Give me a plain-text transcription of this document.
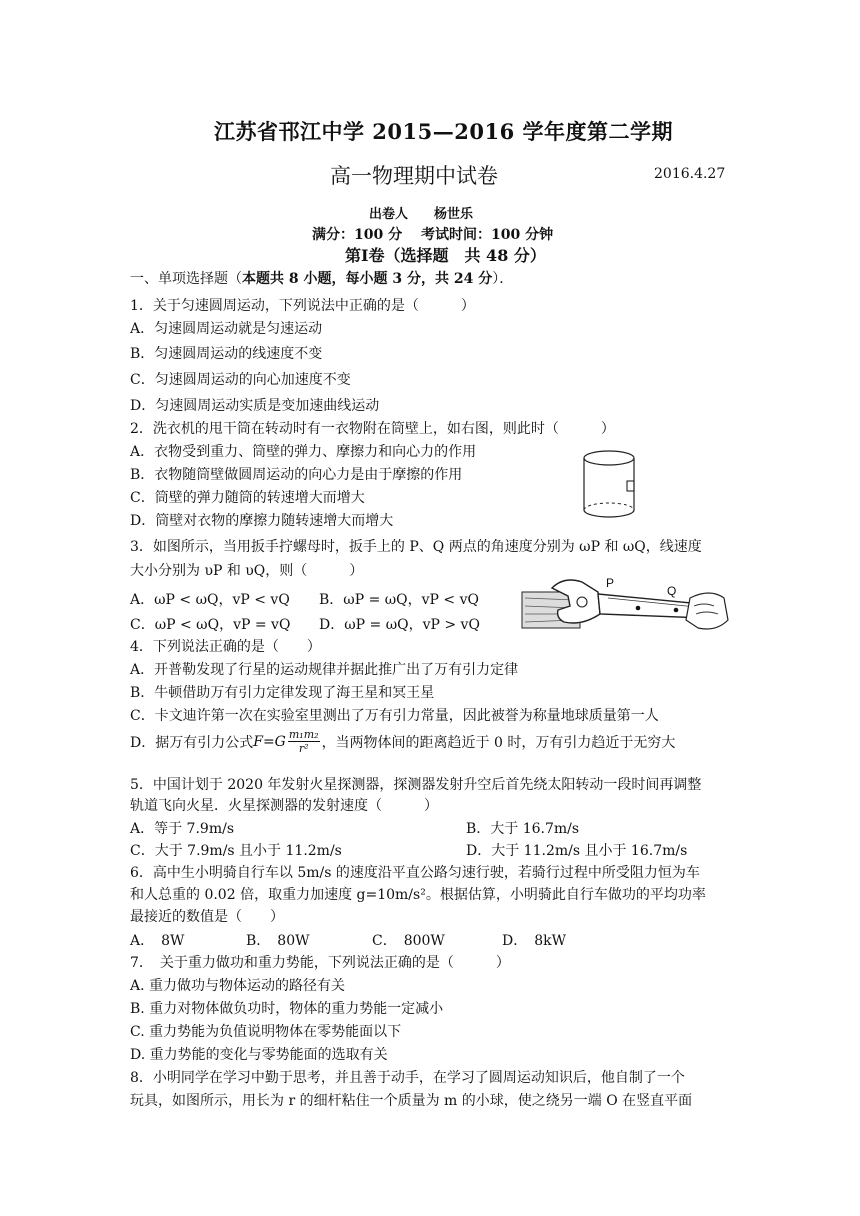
江苏省邗江中学 2015—2016 学年度第二学期
高一物理期中试卷	2016.4.27
出卷人　　杨世乐
满分：100 分　 考试时间：100 分钟
第Ⅰ卷（选择题　共 48 分）
一、单项选择题（本题共 8 小题，每小题 3 分，共 24 分）．
1．关于匀速圆周运动，下列说法中正确的是（　　　）
A．匀速圆周运动就是匀速运动
B．匀速圆周运动的线速度不变
C．匀速圆周运动的向心加速度不变
D．匀速圆周运动实质是变加速曲线运动
2．洗衣机的甩干筒在转动时有一衣物附在筒壁上，如右图，则此时（　　　）
A．衣物受到重力、筒壁的弹力、摩擦力和向心力的作用
B．衣物随筒壁做圆周运动的向心力是由于摩擦的作用
C．筒壁的弹力随筒的转速增大而增大
D．筒壁对衣物的摩擦力随转速增大而增大
3．如图所示，当用扳手拧螺母时，扳手上的 P、Q 两点的角速度分别为 ωP 和 ωQ，线速度
大小分别为 υP 和 υQ，则（　　　）
A．ωP < ωQ，vP < vQ B．ωP = ωQ，vP < vQ
C．ωP < ωQ，vP = vQ D．ωP = ωQ，vP > vQ
P
Q
4．下列说法正确的是（　　）
A．开普勒发现了行星的运动规律并据此推广出了万有引力定律
B．牛顿借助万有引力定律发现了海王星和冥王星
C．卡文迪许第一次在实验室里测出了万有引力常量，因此被誉为称量地球质量第一人
D．据万有引力公式 $F=G \frac{\text{m₁m₂}}{\text{r²}}$ ，当两物体间的距离趋近于 0 时，万有引力趋近于无穷大
5．中国计划于 2020 年发射火星探测器，探测器发射升空后首先绕太阳转动一段时间再调整
轨道飞向火星．火星探测器的发射速度（　　　）
A．等于 7.9m/s	B．大于 16.7m/s
C．大于 7.9m/s 且小于 11.2m/s	D．大于 11.2m/s 且小于 16.7m/s
6．高中生小明骑自行车以 5m/s 的速度沿平直公路匀速行驶，若骑行过程中所受阻力恒为车
和人总重的 0.02 倍，取重力加速度 g=10m/s²。根据估算，小明骑此自行车做功的平均功率
最接近的数值是（　　）
A．　8W	B．　80W	C．　800W	D．　8kW
7．　关于重力做功和重力势能，下列说法正确的是（　　　）
A. 重力做功与物体运动的路径有关
B. 重力对物体做负功时，物体的重力势能一定减小
C. 重力势能为负值说明物体在零势能面以下
D. 重力势能的变化与零势能面的选取有关
8．小明同学在学习中勤于思考，并且善于动手，在学习了圆周运动知识后，他自制了一个
玩具，如图所示，用长为 r 的细杆粘住一个质量为 m 的小球，使之绕另一端 O 在竖直平面
